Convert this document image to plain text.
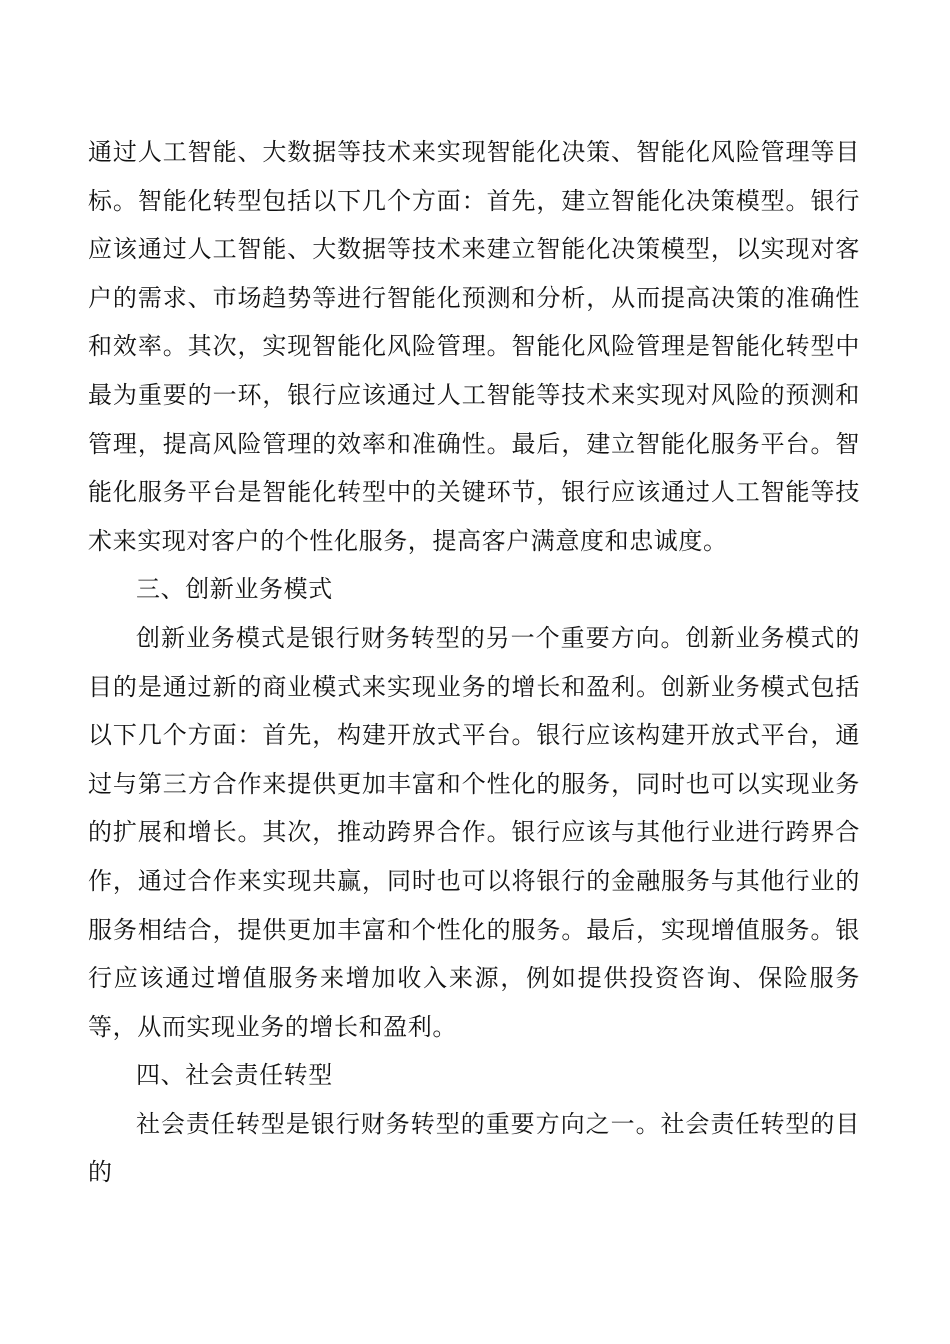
通过人工智能、大数据等技术来实现智能化决策、智能化风险管理等目标。智能化转型包括以下几个方面：首先，建立智能化决策模型。银行应该通过人工智能、大数据等技术来建立智能化决策模型，以实现对客户的需求、市场趋势等进行智能化预测和分析，从而提高决策的准确性和效率。其次，实现智能化风险管理。智能化风险管理是智能化转型中最为重要的一环，银行应该通过人工智能等技术来实现对风险的预测和管理，提高风险管理的效率和准确性。最后，建立智能化服务平台。智能化服务平台是智能化转型中的关键环节，银行应该通过人工智能等技术来实现对客户的个性化服务，提高客户满意度和忠诚度。

三、创新业务模式

创新业务模式是银行财务转型的另一个重要方向。创新业务模式的目的是通过新的商业模式来实现业务的增长和盈利。创新业务模式包括以下几个方面：首先，构建开放式平台。银行应该构建开放式平台，通过与第三方合作来提供更加丰富和个性化的服务，同时也可以实现业务的扩展和增长。其次，推动跨界合作。银行应该与其他行业进行跨界合作，通过合作来实现共赢，同时也可以将银行的金融服务与其他行业的服务相结合，提供更加丰富和个性化的服务。最后，实现增值服务。银行应该通过增值服务来增加收入来源，例如提供投资咨询、保险服务等，从而实现业务的增长和盈利。

四、社会责任转型

社会责任转型是银行财务转型的重要方向之一。社会责任转型的目的
